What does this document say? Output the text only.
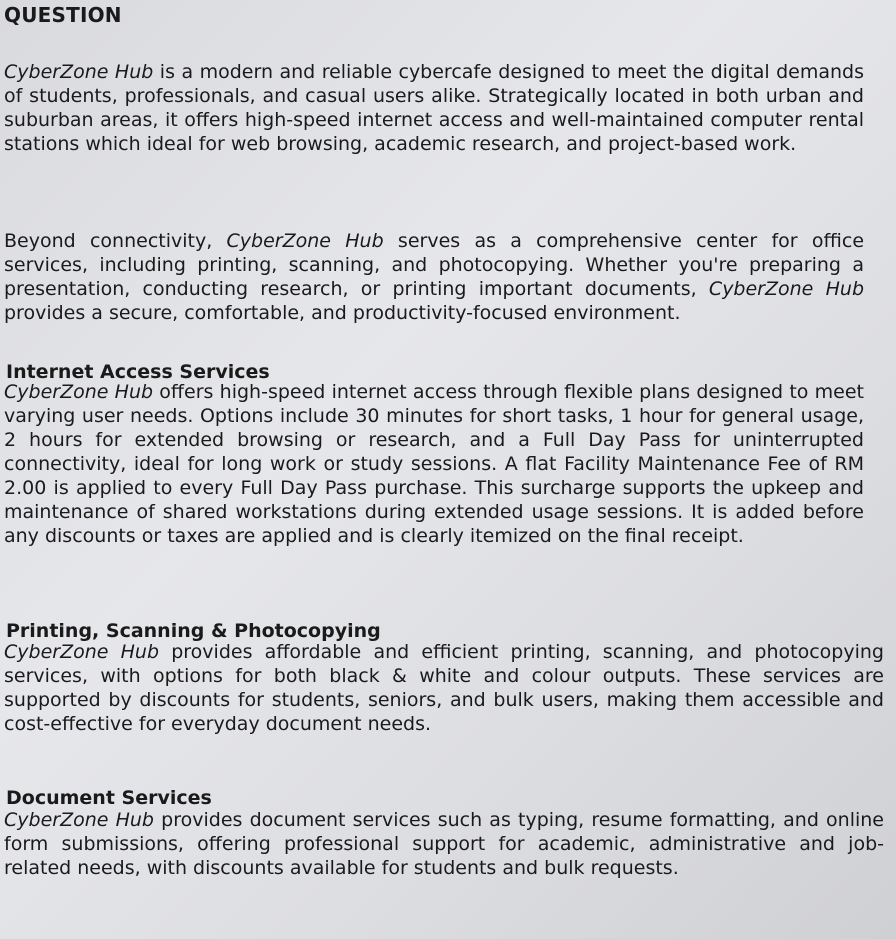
QUESTION

CyberZone Hub is a modern and reliable cybercafe designed to meet the digital demands of students, professionals, and casual users alike. Strategically located in both urban and suburban areas, it offers high-speed internet access and well-maintained computer rental stations which ideal for web browsing, academic research, and project-based work.

Beyond connectivity, CyberZone Hub serves as a comprehensive center for office services, including printing, scanning, and photocopying. Whether you're preparing a presentation, conducting research, or printing important documents, CyberZone Hub provides a secure, comfortable, and productivity-focused environment.

Internet Access Services

CyberZone Hub offers high-speed internet access through flexible plans designed to meet varying user needs. Options include 30 minutes for short tasks, 1 hour for general usage, 2 hours for extended browsing or research, and a Full Day Pass for uninterrupted connectivity, ideal for long work or study sessions. A flat Facility Maintenance Fee of RM 2.00 is applied to every Full Day Pass purchase. This surcharge supports the upkeep and maintenance of shared workstations during extended usage sessions. It is added before any discounts or taxes are applied and is clearly itemized on the final receipt.

Printing, Scanning & Photocopying

CyberZone Hub provides affordable and efficient printing, scanning, and photocopying services, with options for both black & white and colour outputs. These services are supported by discounts for students, seniors, and bulk users, making them accessible and cost-effective for everyday document needs.

Document Services

CyberZone Hub provides document services such as typing, resume formatting, and online form submissions, offering professional support for academic, administrative and job-related needs, with discounts available for students and bulk requests.
